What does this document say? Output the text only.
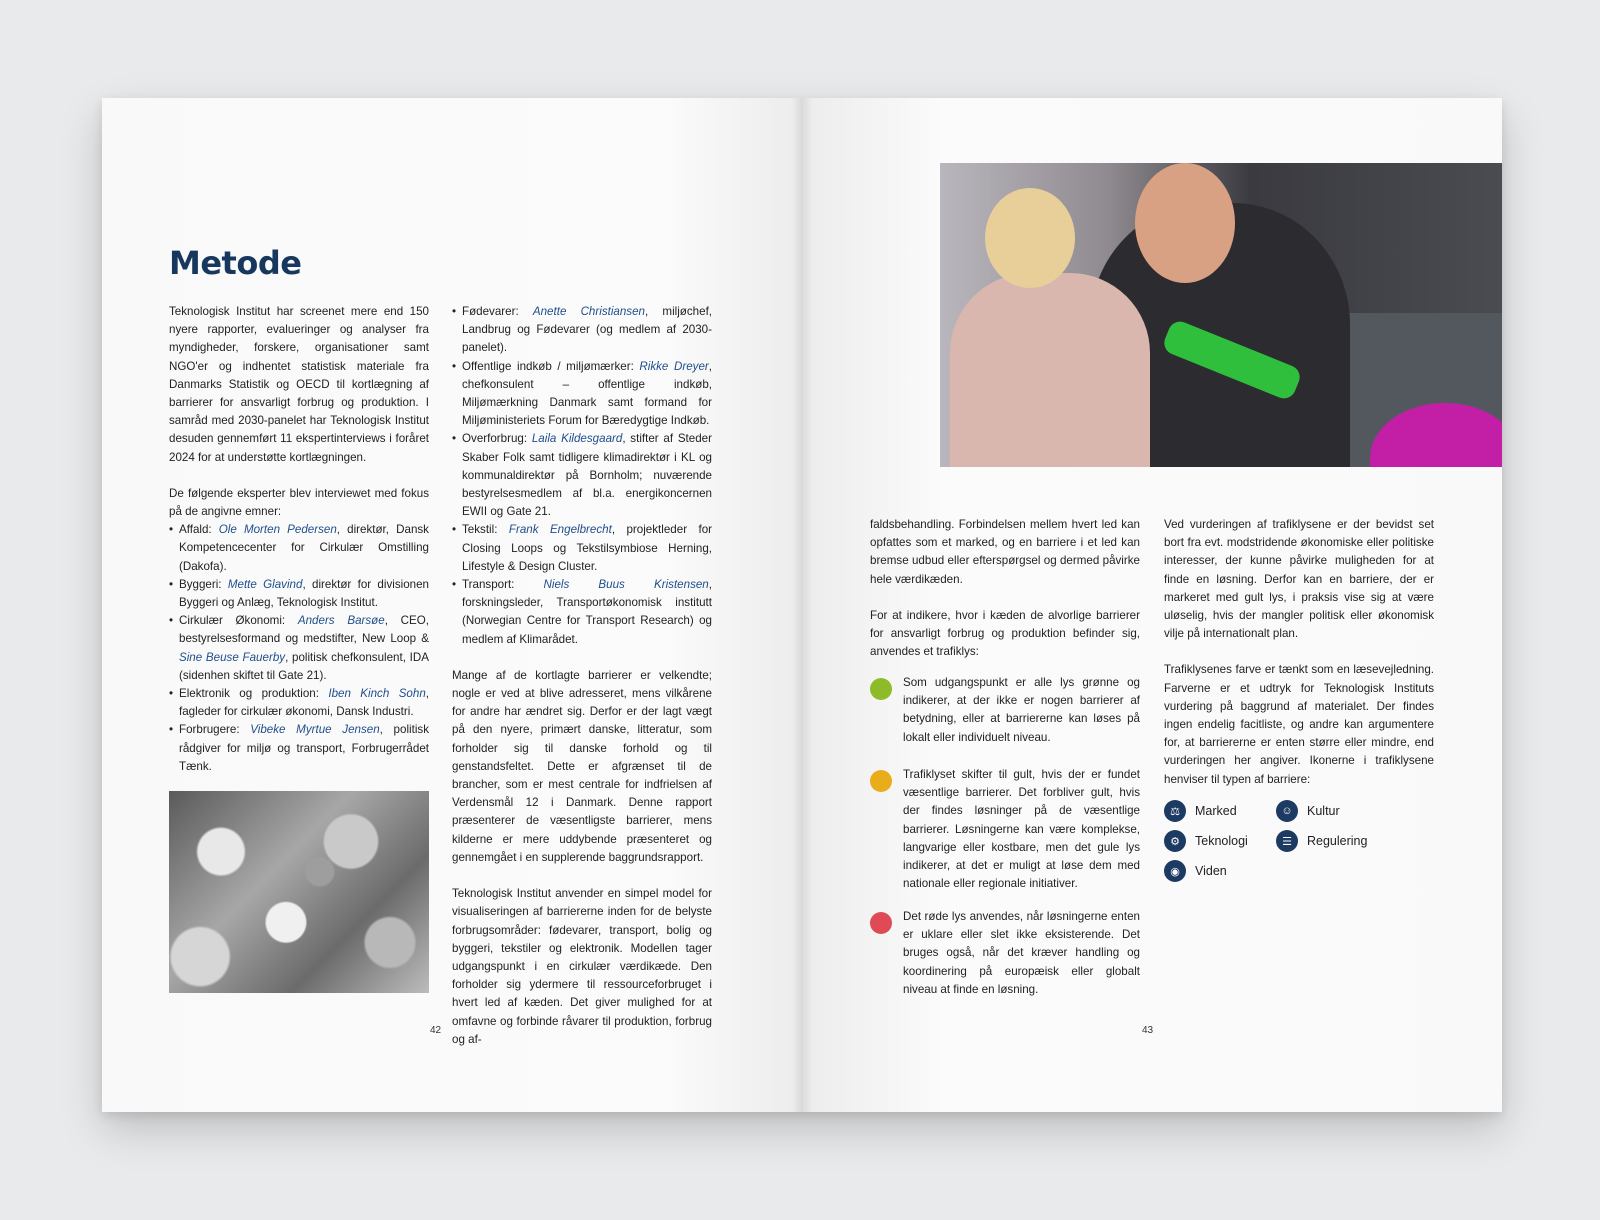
Metode

Teknologisk Institut har screenet mere end 150 nyere rapporter, evalueringer og analyser fra myndigheder, forskere, organisationer samt NGO'er og indhentet statistisk materiale fra Danmarks Statistik og OECD til kortlægning af barrierer for ansvarligt forbrug og produktion. I samråd med 2030-panelet har Teknologisk Institut desuden gennemført 11 ekspertinterviews i foråret 2024 for at understøtte kortlægningen.

De følgende eksperter blev interviewet med fokus på de angivne emner:

• Affald: Ole Morten Pedersen, direktør, Dansk Kompetencecenter for Cirkulær Omstilling (Dakofa).
• Byggeri: Mette Glavind, direktør for divisionen Byggeri og Anlæg, Teknologisk Institut.
• Cirkulær Økonomi: Anders Barsøe, CEO, bestyrelsesformand og medstifter, New Loop & Sine Beuse Fauerby, politisk chefkonsulent, IDA (sidenhen skiftet til Gate 21).
• Elektronik og produktion: Iben Kinch Sohn, fagleder for cirkulær økonomi, Dansk Industri.
• Forbrugere: Vibeke Myrtue Jensen, politisk rådgiver for miljø og transport, Forbrugerrådet Tænk.
• Fødevarer: Anette Christiansen, miljøchef, Landbrug og Fødevarer (og medlem af 2030-panelet).
• Offentlige indkøb / miljømærker: Rikke Dreyer, chefkonsulent – offentlige indkøb, Miljømærkning Danmark samt formand for Miljøministeriets Forum for Bæredygtige Indkøb.
• Overforbrug: Laila Kildesgaard, stifter af Steder Skaber Folk samt tidligere klimadirektør i KL og kommunaldirektør på Bornholm; nuværende bestyrelsesmedlem af bl.a. energikoncernen EWII og Gate 21.
• Tekstil: Frank Engelbrecht, projektleder for Closing Loops og Tekstilsymbiose Herning, Lifestyle & Design Cluster.
• Transport: Niels Buus Kristensen, forskningsleder, Transportøkonomisk institutt (Norwegian Centre for Transport Research) og medlem af Klimarådet.

Mange af de kortlagte barrierer er velkendte; nogle er ved at blive adresseret, mens vilkårene for andre har ændret sig. Derfor er der lagt vægt på den nyere, primært danske, litteratur, som forholder sig til danske forhold og til genstandsfeltet. Dette er afgrænset til de brancher, som er mest centrale for indfrielsen af Verdensmål 12 i Danmark. Denne rapport præsenterer de væsentligste barrierer, mens kilderne er mere uddybende præsenteret og gennemgået i en supplerende baggrundsrapport.

Teknologisk Institut anvender en simpel model for visualiseringen af barriererne inden for de belyste forbrugsområder: fødevarer, transport, bolig og byggeri, tekstiler og elektronik. Modellen tager udgangspunkt i en cirkulær værdikæde. Den forholder sig ydermere til ressourceforbruget i hvert led af kæden. Det giver mulighed for at omfavne og forbinde råvarer til produktion, forbrug og af-

42

faldsbehandling. Forbindelsen mellem hvert led kan opfattes som et marked, og en barriere i et led kan bremse udbud eller efterspørgsel og dermed påvirke hele værdikæden.

For at indikere, hvor i kæden de alvorlige barrierer for ansvarligt forbrug og produktion befinder sig, anvendes et trafiklys:

Som udgangspunkt er alle lys grønne og indikerer, at der ikke er nogen barrierer af betydning, eller at barriererne kan løses på lokalt eller individuelt niveau.
Trafiklyset skifter til gult, hvis der er fundet væsentlige barrierer. Det forbliver gult, hvis der findes løsninger på de væsentlige barrierer. Løsningerne kan være komplekse, langvarige eller kostbare, men det gule lys indikerer, at det er muligt at løse dem med nationale eller regionale initiativer.
Det røde lys anvendes, når løsningerne enten er uklare eller slet ikke eksisterende. Det bruges også, når det kræver handling og koordinering på europæisk eller globalt niveau at finde en løsning.

Ved vurderingen af trafiklysene er der bevidst set bort fra evt. modstridende økonomiske eller politiske interesser, der kunne påvirke muligheden for at finde en løsning. Derfor kan en barriere, der er markeret med gult lys, i praksis vise sig at være uløselig, hvis der mangler politisk eller økonomisk vilje på internationalt plan.

Trafiklysenes farve er tænkt som en læsevejledning. Farverne er et udtryk for Teknologisk Instituts vurdering på baggrund af materialet. Der findes ingen endelig facitliste, og andre kan argumentere for, at barriererne er enten større eller mindre, end vurderingen her angiver. Ikonerne i trafiklysene henviser til typen af barriere:

⚖	Marked	☺	Kultur
⚙	Teknologi	☰	Regulering
◉	Viden
43
